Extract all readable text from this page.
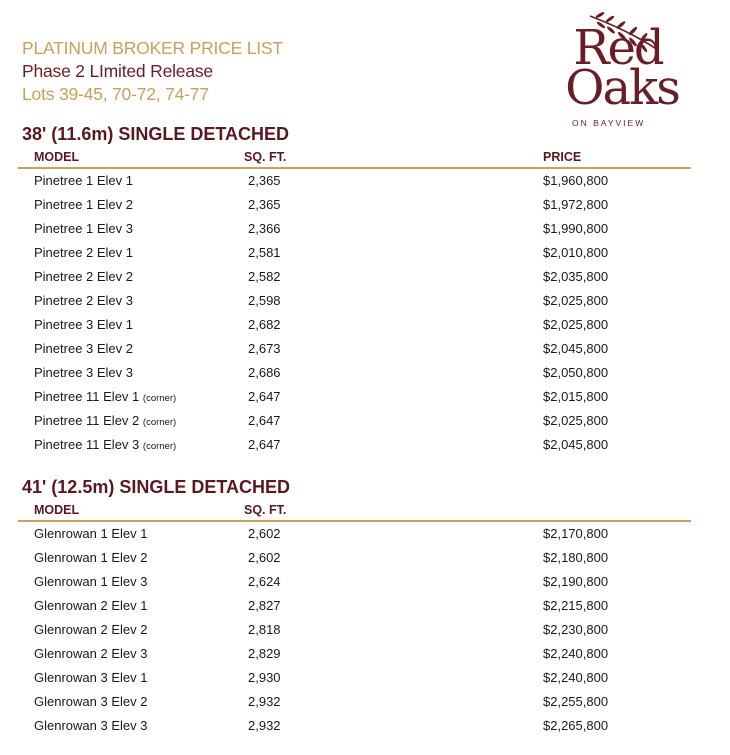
PLATINUM BROKER PRICE LIST
Phase 2 LImited Release
Lots 39-45, 70-72, 74-77
Red
Oaks
ON BAYVIEW
38' (11.6m) SINGLE DETACHED
MODEL	SQ. FT.	PRICE
Pinetree 1 Elev 1	2,365	$1,960,800
Pinetree 1 Elev 2	2,365	$1,972,800
Pinetree 1 Elev 3	2,366	$1,990,800
Pinetree 2 Elev 1	2,581	$2,010,800
Pinetree 2 Elev 2	2,582	$2,035,800
Pinetree 2 Elev 3	2,598	$2,025,800
Pinetree 3 Elev 1	2,682	$2,025,800
Pinetree 3 Elev 2	2,673	$2,045,800
Pinetree 3 Elev 3	2,686	$2,050,800
Pinetree 11 Elev 1 (corner)	2,647	$2,015,800
Pinetree 11 Elev 2 (corner)	2,647	$2,025,800
Pinetree 11 Elev 3 (corner)	2,647	$2,045,800
41' (12.5m) SINGLE DETACHED
MODEL	SQ. FT.
Glenrowan 1 Elev 1	2,602	$2,170,800
Glenrowan 1 Elev 2	2,602	$2,180,800
Glenrowan 1 Elev 3	2,624	$2,190,800
Glenrowan 2 Elev 1	2,827	$2,215,800
Glenrowan 2 Elev 2	2,818	$2,230,800
Glenrowan 2 Elev 3	2,829	$2,240,800
Glenrowan 3 Elev 1	2,930	$2,240,800
Glenrowan 3 Elev 2	2,932	$2,255,800
Glenrowan 3 Elev 3	2,932	$2,265,800
